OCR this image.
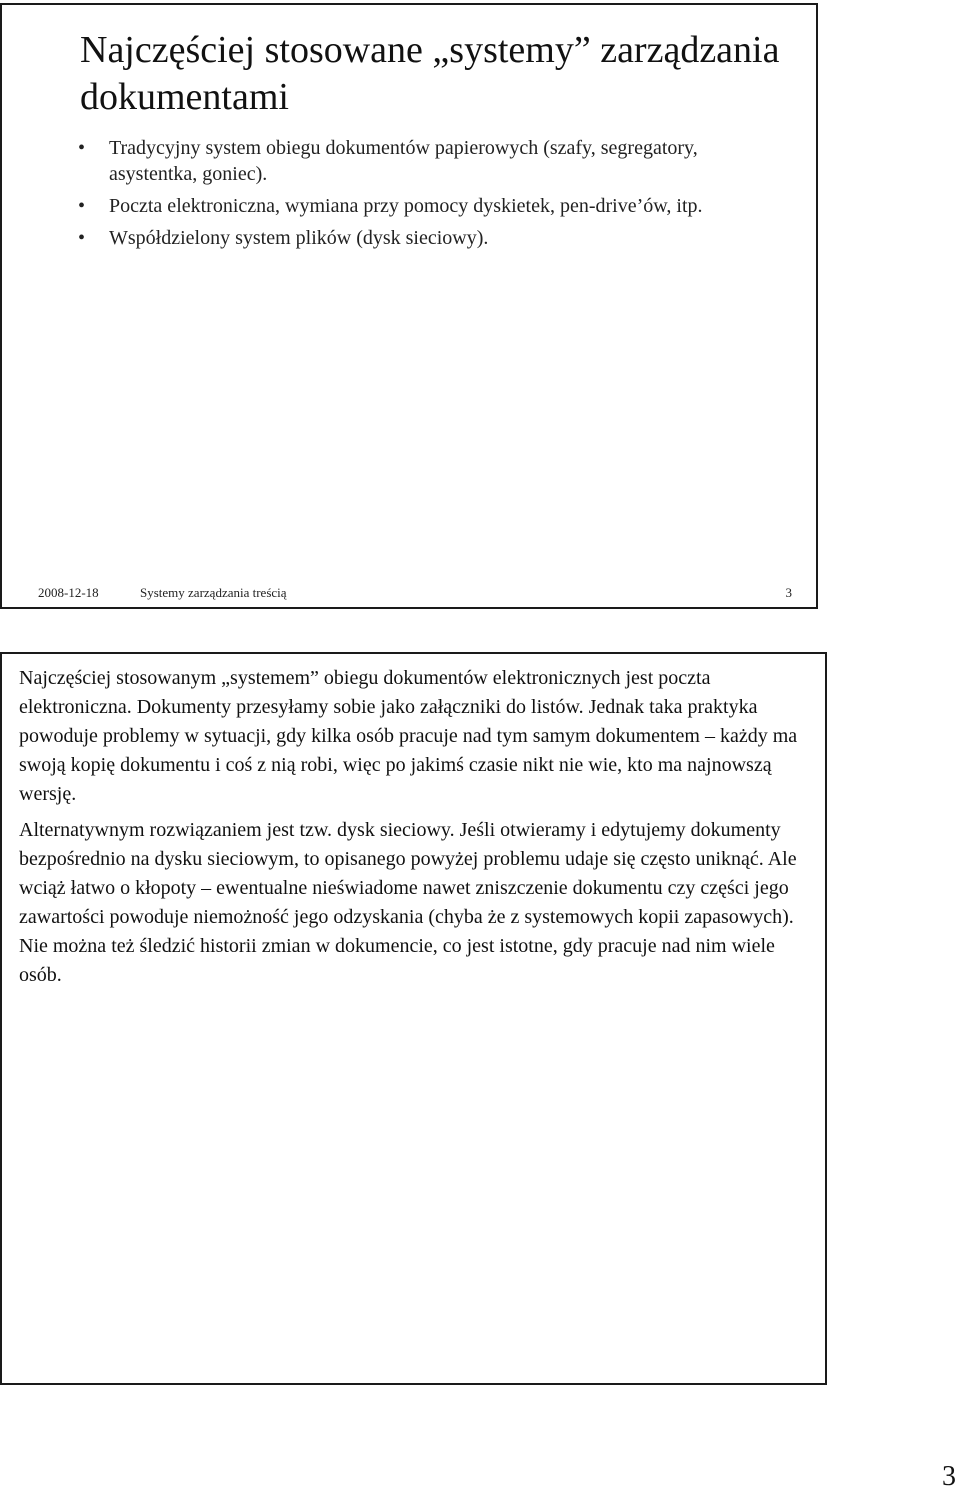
Najczęściej stosowane „systemy” zarządzania dokumentami
• Tradycyjny system obiegu dokumentów papierowych (szafy, segregatory, asystentka, goniec).
• Poczta elektroniczna, wymiana przy pomocy dyskietek, pen-drive’ów, itp.
• Współdzielony system plików (dysk sieciowy).
2008-12-18	Systemy zarządzania treścią	3

Najczęściej stosowanym „systemem” obiegu dokumentów elektronicznych jest poczta elektroniczna. Dokumenty przesyłamy sobie jako załączniki do listów. Jednak taka praktyka powoduje problemy w sytuacji, gdy kilka osób pracuje nad tym samym dokumentem – każdy ma swoją kopię dokumentu i coś z nią robi, więc po jakimś czasie nikt nie wie, kto ma najnowszą wersję.

Alternatywnym rozwiązaniem jest tzw. dysk sieciowy. Jeśli otwieramy i edytujemy dokumenty bezpośrednio na dysku sieciowym, to opisanego powyżej problemu udaje się często uniknąć. Ale wciąż łatwo o kłopoty – ewentualne nieświadome nawet zniszczenie dokumentu czy części jego zawartości powoduje niemożność jego odzyskania (chyba że z systemowych kopii zapasowych). Nie można też śledzić historii zmian w dokumencie, co jest istotne, gdy pracuje nad nim wiele osób.

3
